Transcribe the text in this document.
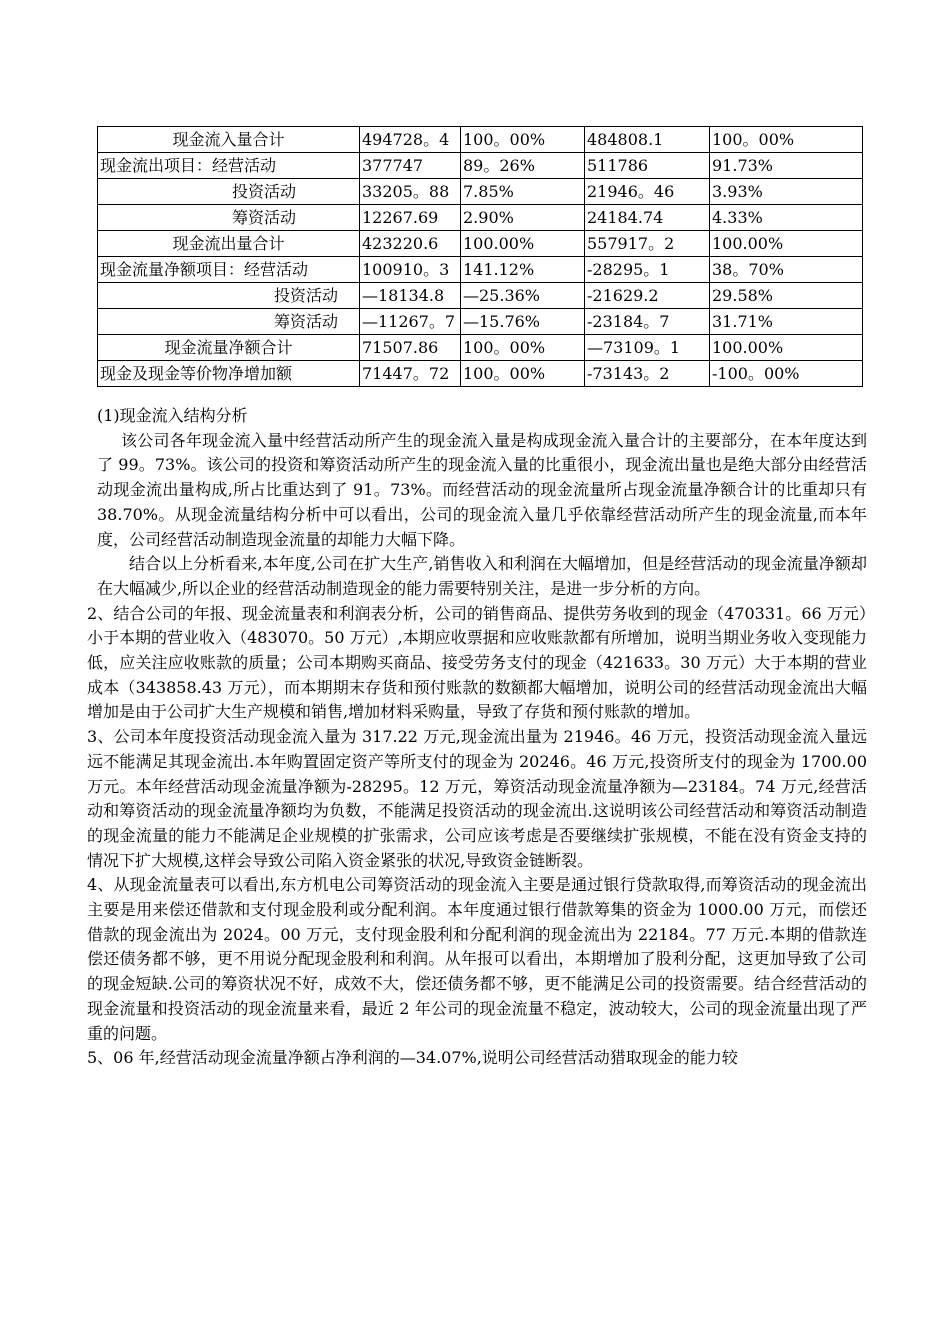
现金流入量合计	494728。4	100。00%	484808.1	100。00%
现金流出项目：经营活动	377747	89。26%	511786	91.73%
投资活动	33205。88	7.85%	21946。46	3.93%
筹资活动	12267.69	2.90%	24184.74	4.33%
现金流出量合计	423220.6	100.00%	557917。2	100.00%
现金流量净额项目：经营活动	100910。3	141.12%	-28295。1	38。70%
投资活动	—18134.8	—25.36%	-21629.2	29.58%
筹资活动	—11267。7	—15.76%	-23184。7	31.71%
现金流量净额合计	71507.86	100。00%	—73109。1	100.00%
现金及现金等价物净增加额	71447。72	100。00%	-73143。2	-100。00%

(1)现金流入结构分析

该公司各年现金流入量中经营活动所产生的现金流入量是构成现金流入量合计的主要部分，在本年度达到了 99。73%。该公司的投资和筹资活动所产生的现金流入量的比重很小，现金流出量也是绝大部分由经营活动现金流出量构成,所占比重达到了 91。73%。而经营活动的现金流量所占现金流量净额合计的比重却只有 38.70%。从现金流量结构分析中可以看出，公司的现金流入量几乎依靠经营活动所产生的现金流量,而本年度，公司经营活动制造现金流量的却能力大幅下降。

结合以上分析看来,本年度,公司在扩大生产,销售收入和利润在大幅增加，但是经营活动的现金流量净额却在大幅减少,所以企业的经营活动制造现金的能力需要特别关注，是进一步分析的方向。

2、结合公司的年报、现金流量表和利润表分析，公司的销售商品、提供劳务收到的现金（470331。66 万元）小于本期的营业收入（483070。50 万元）,本期应收票据和应收账款都有所增加，说明当期业务收入变现能力低，应关注应收账款的质量；公司本期购买商品、接受劳务支付的现金（421633。30 万元）大于本期的营业成本（343858.43 万元），而本期期末存货和预付账款的数额都大幅增加，说明公司的经营活动现金流出大幅增加是由于公司扩大生产规模和销售,增加材料采购量，导致了存货和预付账款的增加。

3、公司本年度投资活动现金流入量为 317.22 万元,现金流出量为 21946。46 万元，投资活动现金流入量远远不能满足其现金流出.本年购置固定资产等所支付的现金为 20246。46 万元,投资所支付的现金为 1700.00 万元。本年经营活动现金流量净额为-28295。12 万元，筹资活动现金流量净额为—23184。74 万元,经营活动和筹资活动的现金流量净额均为负数，不能满足投资活动的现金流出.这说明该公司经营活动和筹资活动制造的现金流量的能力不能满足企业规模的扩张需求，公司应该考虑是否要继续扩张规模，不能在没有资金支持的情况下扩大规模,这样会导致公司陷入资金紧张的状况,导致资金链断裂。

4、从现金流量表可以看出,东方机电公司筹资活动的现金流入主要是通过银行贷款取得,而筹资活动的现金流出主要是用来偿还借款和支付现金股利或分配利润。本年度通过银行借款筹集的资金为 1000.00 万元，而偿还借款的现金流出为 2024。00 万元，支付现金股利和分配利润的现金流出为 22184。77 万元.本期的借款连偿还债务都不够，更不用说分配现金股利和利润。从年报可以看出，本期增加了股利分配，这更加导致了公司的现金短缺.公司的筹资状况不好，成效不大，偿还债务都不够，更不能满足公司的投资需要。结合经营活动的现金流量和投资活动的现金流量来看，最近 2 年公司的现金流量不稳定，波动较大，公司的现金流量出现了严重的问题。

5、06 年,经营活动现金流量净额占净利润的—34.07%,说明公司经营活动猎取现金的能力较
